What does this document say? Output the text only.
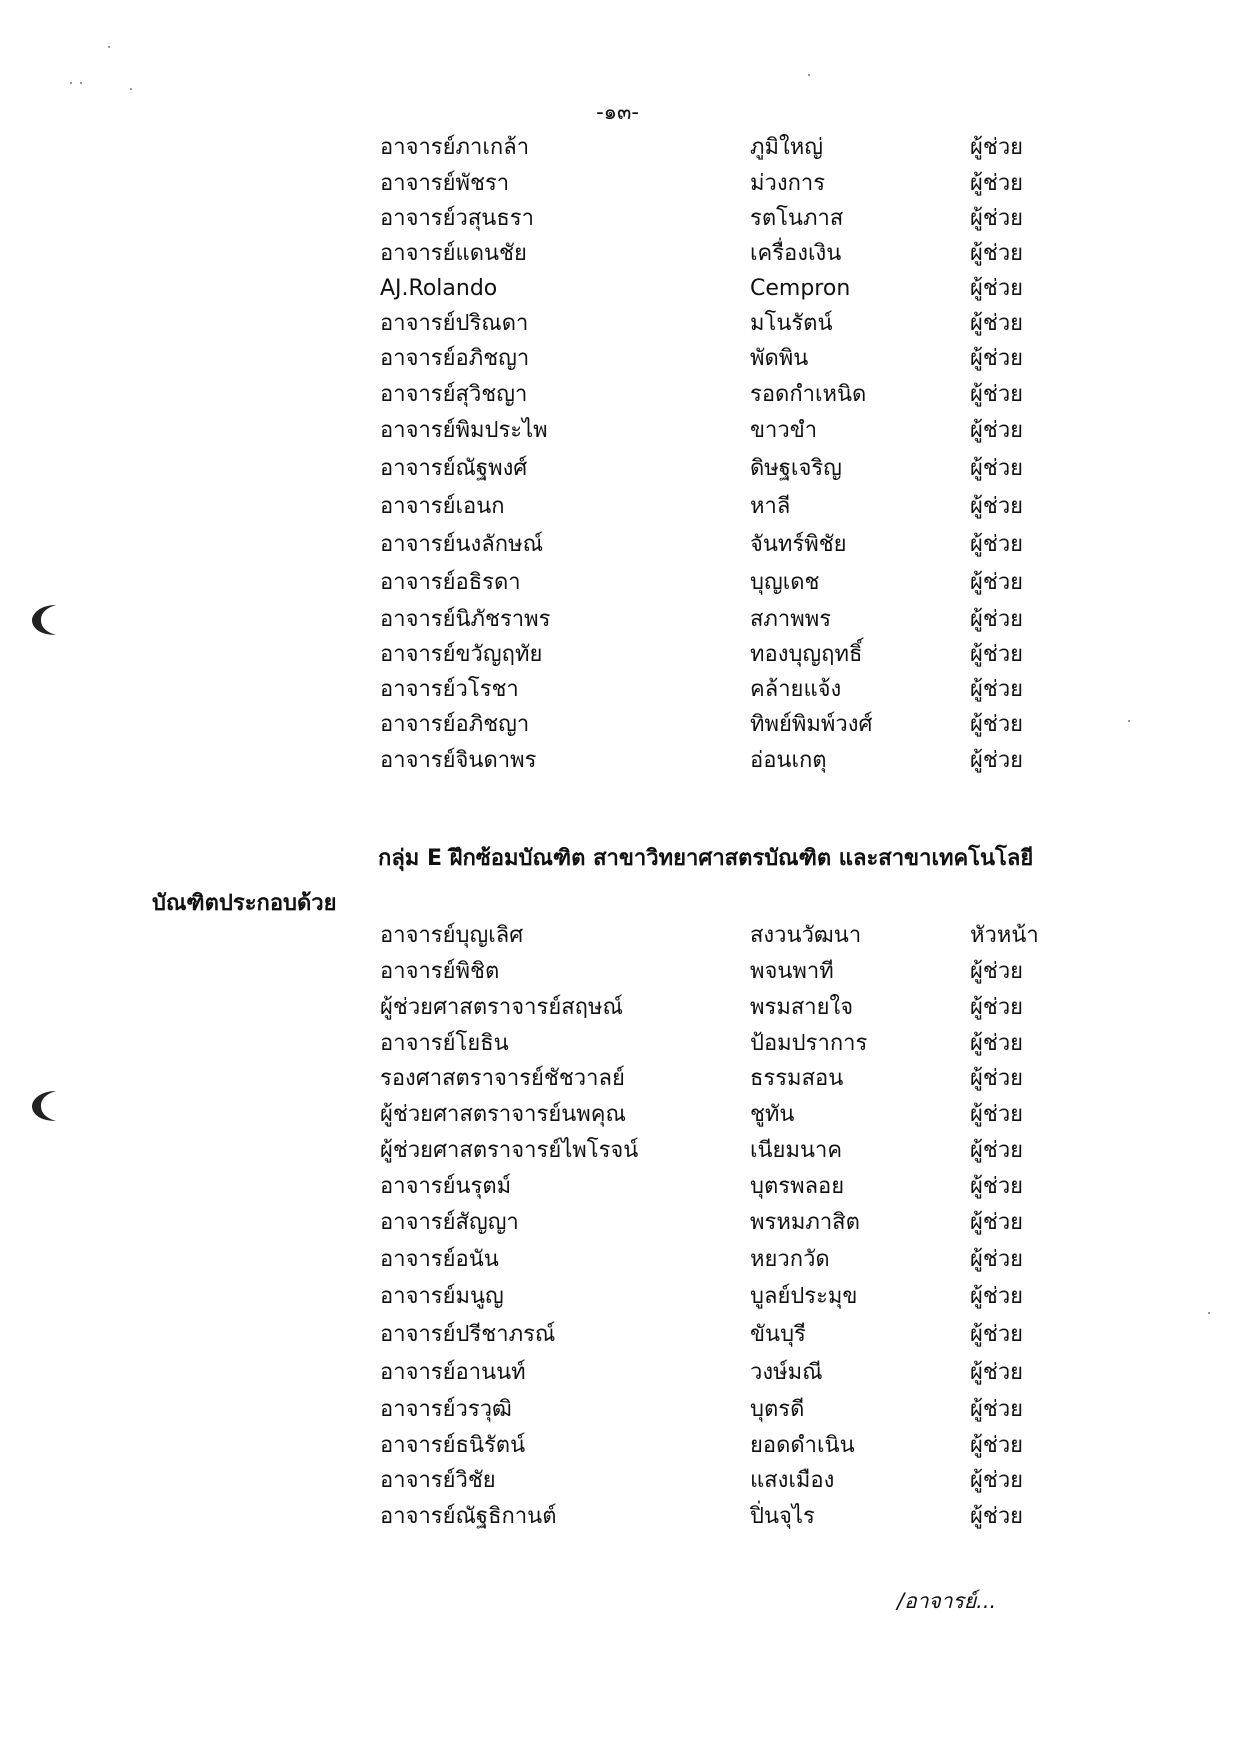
-๑๓-
อาจารย์ภาเกล้า	ภูมิใหญ่	ผู้ช่วย
อาจารย์พัชรา	ม่วงการ	ผู้ช่วย
อาจารย์วสุนธรา	รตโนภาส	ผู้ช่วย
อาจารย์แดนชัย	เครื่องเงิน	ผู้ช่วย
AJ.Rolando	Cempron	ผู้ช่วย
อาจารย์ปริณดา	มโนรัตน์	ผู้ช่วย
อาจารย์อภิชญา	พัดพิน	ผู้ช่วย
อาจารย์สุวิชญา	รอดกำเหนิด	ผู้ช่วย
อาจารย์พิมประไพ	ขาวขำ	ผู้ช่วย
อาจารย์ณัฐพงศ์	ดิษฐเจริญ	ผู้ช่วย
อาจารย์เอนก	หาลี	ผู้ช่วย
อาจารย์นงลักษณ์	จันทร์พิชัย	ผู้ช่วย
อาจารย์อธิรดา	บุญเดช	ผู้ช่วย
อาจารย์นิภัชราพร	สภาพพร	ผู้ช่วย
อาจารย์ขวัญฤทัย	ทองบุญฤทธิ์	ผู้ช่วย
อาจารย์วโรชา	คล้ายแจ้ง	ผู้ช่วย
อาจารย์อภิชญา	ทิพย์พิมพ์วงศ์	ผู้ช่วย
อาจารย์จินดาพร	อ่อนเกตุ	ผู้ช่วย
กลุ่ม E ฝึกซ้อมบัณฑิต สาขาวิทยาศาสตรบัณฑิต และสาขาเทคโนโลยี
บัณฑิตประกอบด้วย
อาจารย์บุญเลิศ	สงวนวัฒนา	หัวหน้า
อาจารย์พิชิต	พจนพาที	ผู้ช่วย
ผู้ช่วยศาสตราจารย์สฤษณ์	พรมสายใจ	ผู้ช่วย
อาจารย์โยธิน	ป้อมปราการ	ผู้ช่วย
รองศาสตราจารย์ชัชวาลย์	ธรรมสอน	ผู้ช่วย
ผู้ช่วยศาสตราจารย์นพคุณ	ชูทัน	ผู้ช่วย
ผู้ช่วยศาสตราจารย์ไพโรจน์	เนียมนาค	ผู้ช่วย
อาจารย์นรุตม์	บุตรพลอย	ผู้ช่วย
อาจารย์สัญญา	พรหมภาสิต	ผู้ช่วย
อาจารย์อนัน	หยวกวัด	ผู้ช่วย
อาจารย์มนูญ	บูลย์ประมุข	ผู้ช่วย
อาจารย์ปรีชาภรณ์	ขันบุรี	ผู้ช่วย
อาจารย์อานนท์	วงษ์มณี	ผู้ช่วย
อาจารย์วรวุฒิ	บุตรดี	ผู้ช่วย
อาจารย์ธนิรัตน์	ยอดดำเนิน	ผู้ช่วย
อาจารย์วิชัย	แสงเมือง	ผู้ช่วย
อาจารย์ณัฐธิกานต์	ปิ่นจุไร	ผู้ช่วย
/อาจารย์...
